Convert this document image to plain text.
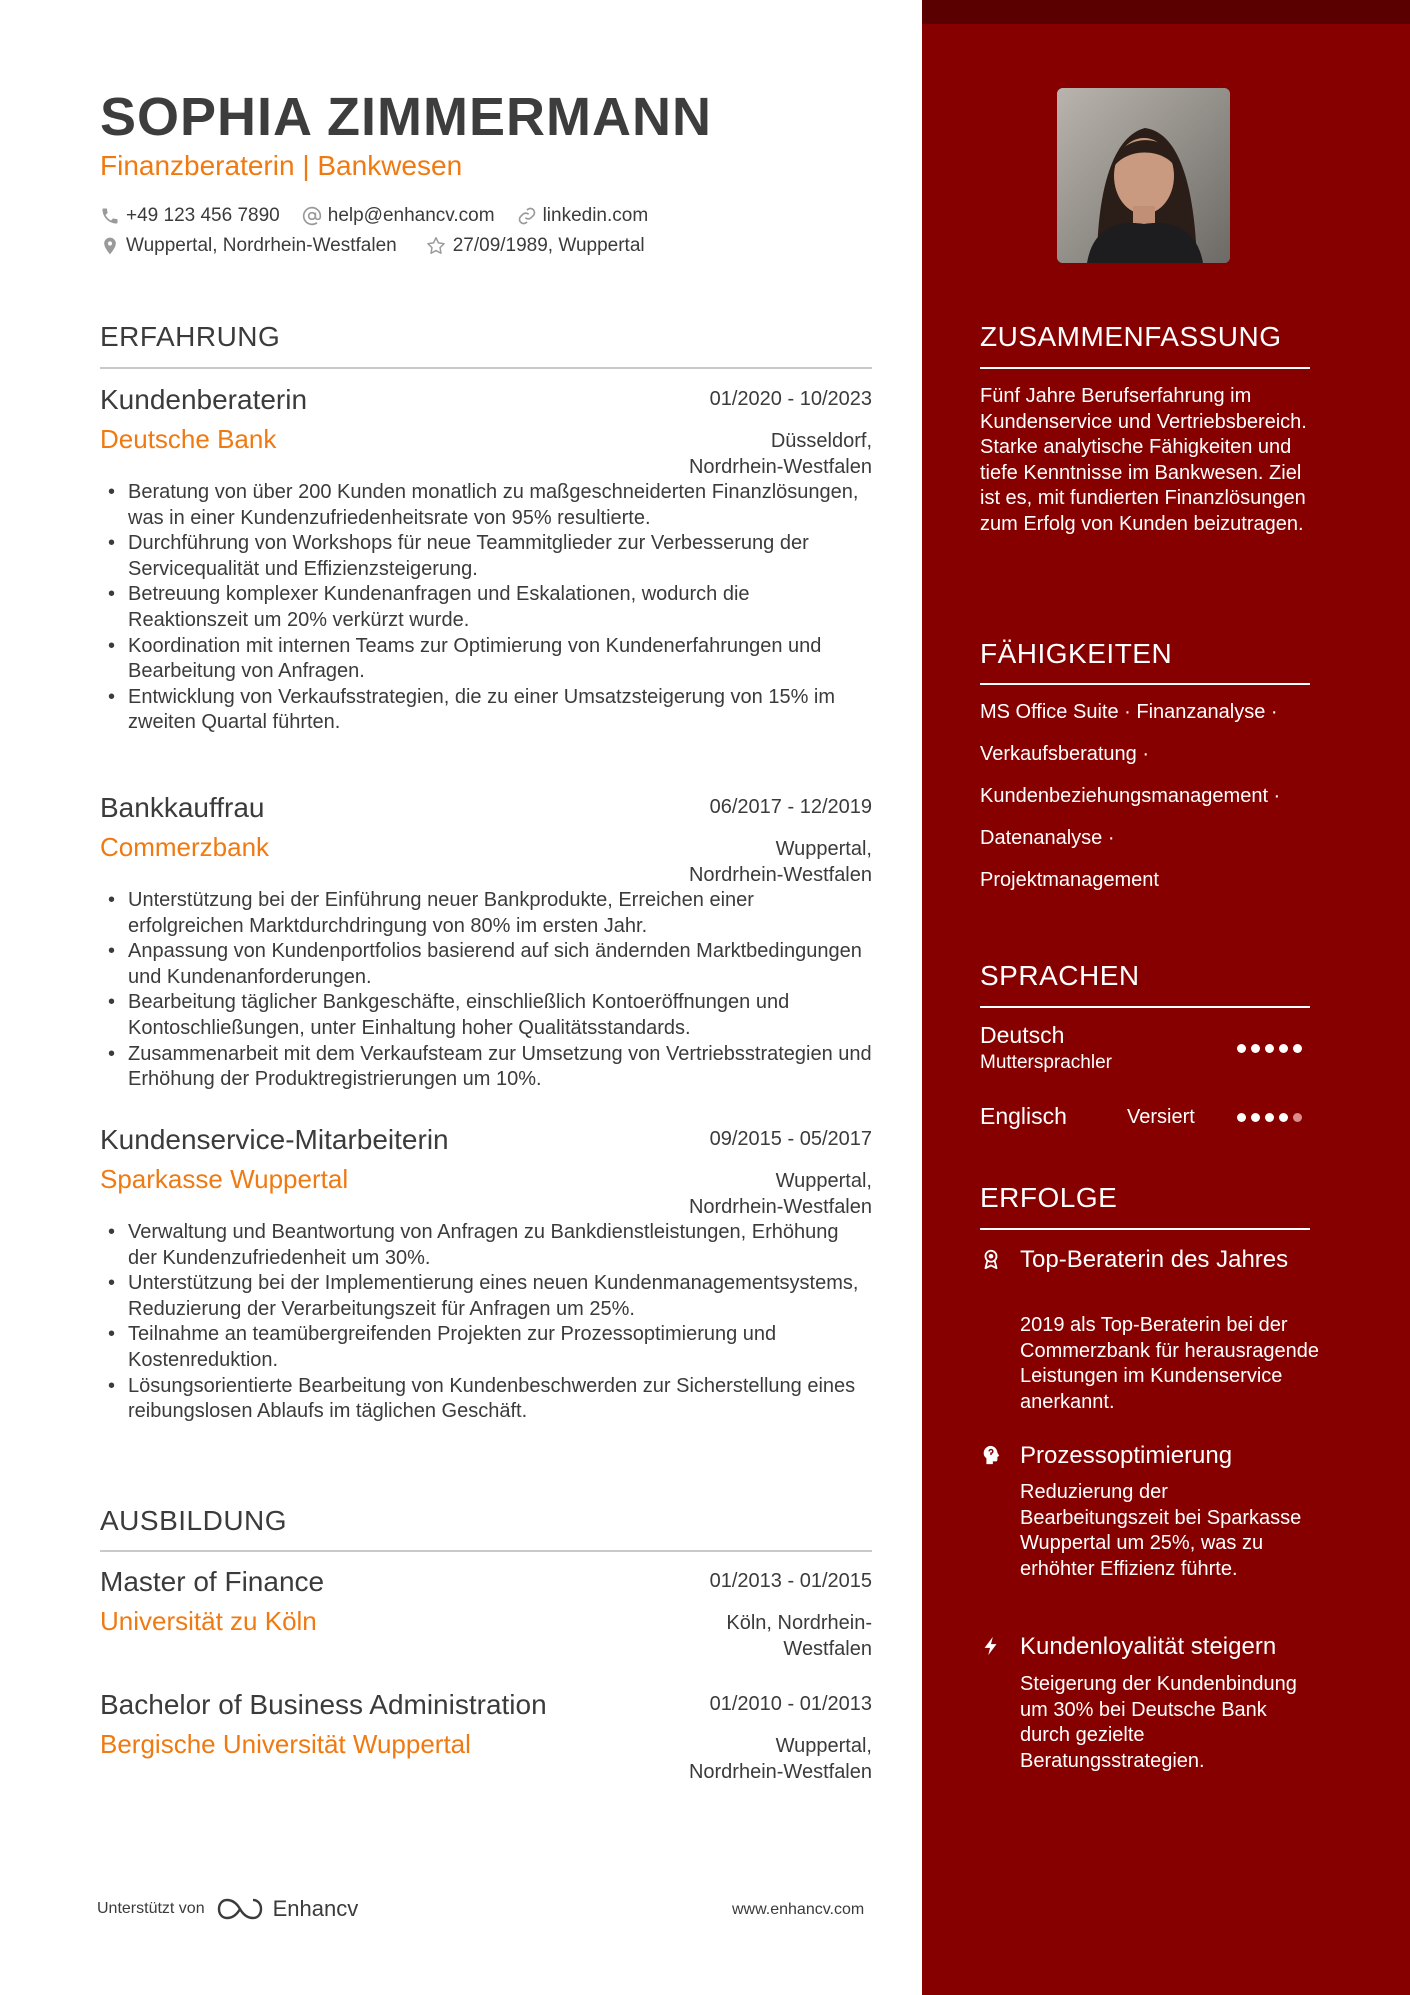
SOPHIA ZIMMERMANN
Finanzberaterin | Bankwesen
+49 123 456 7890	help@enhancv.com	linkedin.com
Wuppertal, Nordrhein-Westfalen	27/09/1989, Wuppertal
ERFAHRUNG
Kundenberaterin	01/2020 - 10/2023
Deutsche Bank	Düsseldorf,
Nordrhein-Westfalen
• Beratung von über 200 Kunden monatlich zu maßgeschneiderten Finanzlösungen, was in einer Kundenzufriedenheitsrate von 95% resultierte.
• Durchführung von Workshops für neue Teammitglieder zur Verbesserung der Servicequalität und Effizienzsteigerung.
• Betreuung komplexer Kundenanfragen und Eskalationen, wodurch die Reaktionszeit um 20% verkürzt wurde.
• Koordination mit internen Teams zur Optimierung von Kundenerfahrungen und Bearbeitung von Anfragen.
• Entwicklung von Verkaufsstrategien, die zu einer Umsatzsteigerung von 15% im zweiten Quartal führten.
Bankkauffrau	06/2017 - 12/2019
Commerzbank	Wuppertal,
Nordrhein-Westfalen
• Unterstützung bei der Einführung neuer Bankprodukte, Erreichen einer erfolgreichen Marktdurchdringung von 80% im ersten Jahr.
• Anpassung von Kundenportfolios basierend auf sich ändernden Marktbedingungen und Kundenanforderungen.
• Bearbeitung täglicher Bankgeschäfte, einschließlich Kontoeröffnungen und Kontoschließungen, unter Einhaltung hoher Qualitätsstandards.
• Zusammenarbeit mit dem Verkaufsteam zur Umsetzung von Vertriebsstrategien und Erhöhung der Produktregistrierungen um 10%.
Kundenservice-Mitarbeiterin	09/2015 - 05/2017
Sparkasse Wuppertal	Wuppertal,
Nordrhein-Westfalen
• Verwaltung und Beantwortung von Anfragen zu Bankdienstleistungen, Erhöhung der Kundenzufriedenheit um 30%.
• Unterstützung bei der Implementierung eines neuen Kundenmanagementsystems, Reduzierung der Verarbeitungszeit für Anfragen um 25%.
• Teilnahme an teamübergreifenden Projekten zur Prozessoptimierung und Kostenreduktion.
• Lösungsorientierte Bearbeitung von Kundenbeschwerden zur Sicherstellung eines reibungslosen Ablaufs im täglichen Geschäft.
AUSBILDUNG
Master of Finance	01/2013 - 01/2015
Universität zu Köln	Köln, Nordrhein-
Westfalen
Bachelor of Business Administration	01/2010 - 01/2013
Bergische Universität Wuppertal	Wuppertal,
Nordrhein-Westfalen
Unterstützt von	Enhancv	www.enhancv.com
ZUSAMMENFASSUNG
Fünf Jahre Berufserfahrung im Kundenservice und Vertriebsbereich. Starke analytische Fähigkeiten und tiefe Kenntnisse im Bankwesen. Ziel ist es, mit fundierten Finanzlösungen zum Erfolg von Kunden beizutragen.
FÄHIGKEITEN
MS Office Suite · Finanzanalyse ·
Verkaufsberatung ·
Kundenbeziehungsmanagement ·
Datenanalyse ·
Projektmanagement
SPRACHEN
Deutsch
Muttersprachler
Englisch	Versiert
ERFOLGE
Top-Beraterin des Jahres
2019 als Top-Beraterin bei der Commerzbank für herausragende Leistungen im Kundenservice anerkannt.
Prozessoptimierung
Reduzierung der Bearbeitungszeit bei Sparkasse Wuppertal um 25%, was zu erhöhter Effizienz führte.
Kundenloyalität steigern
Steigerung der Kundenbindung um 30% bei Deutsche Bank durch gezielte Beratungsstrategien.
